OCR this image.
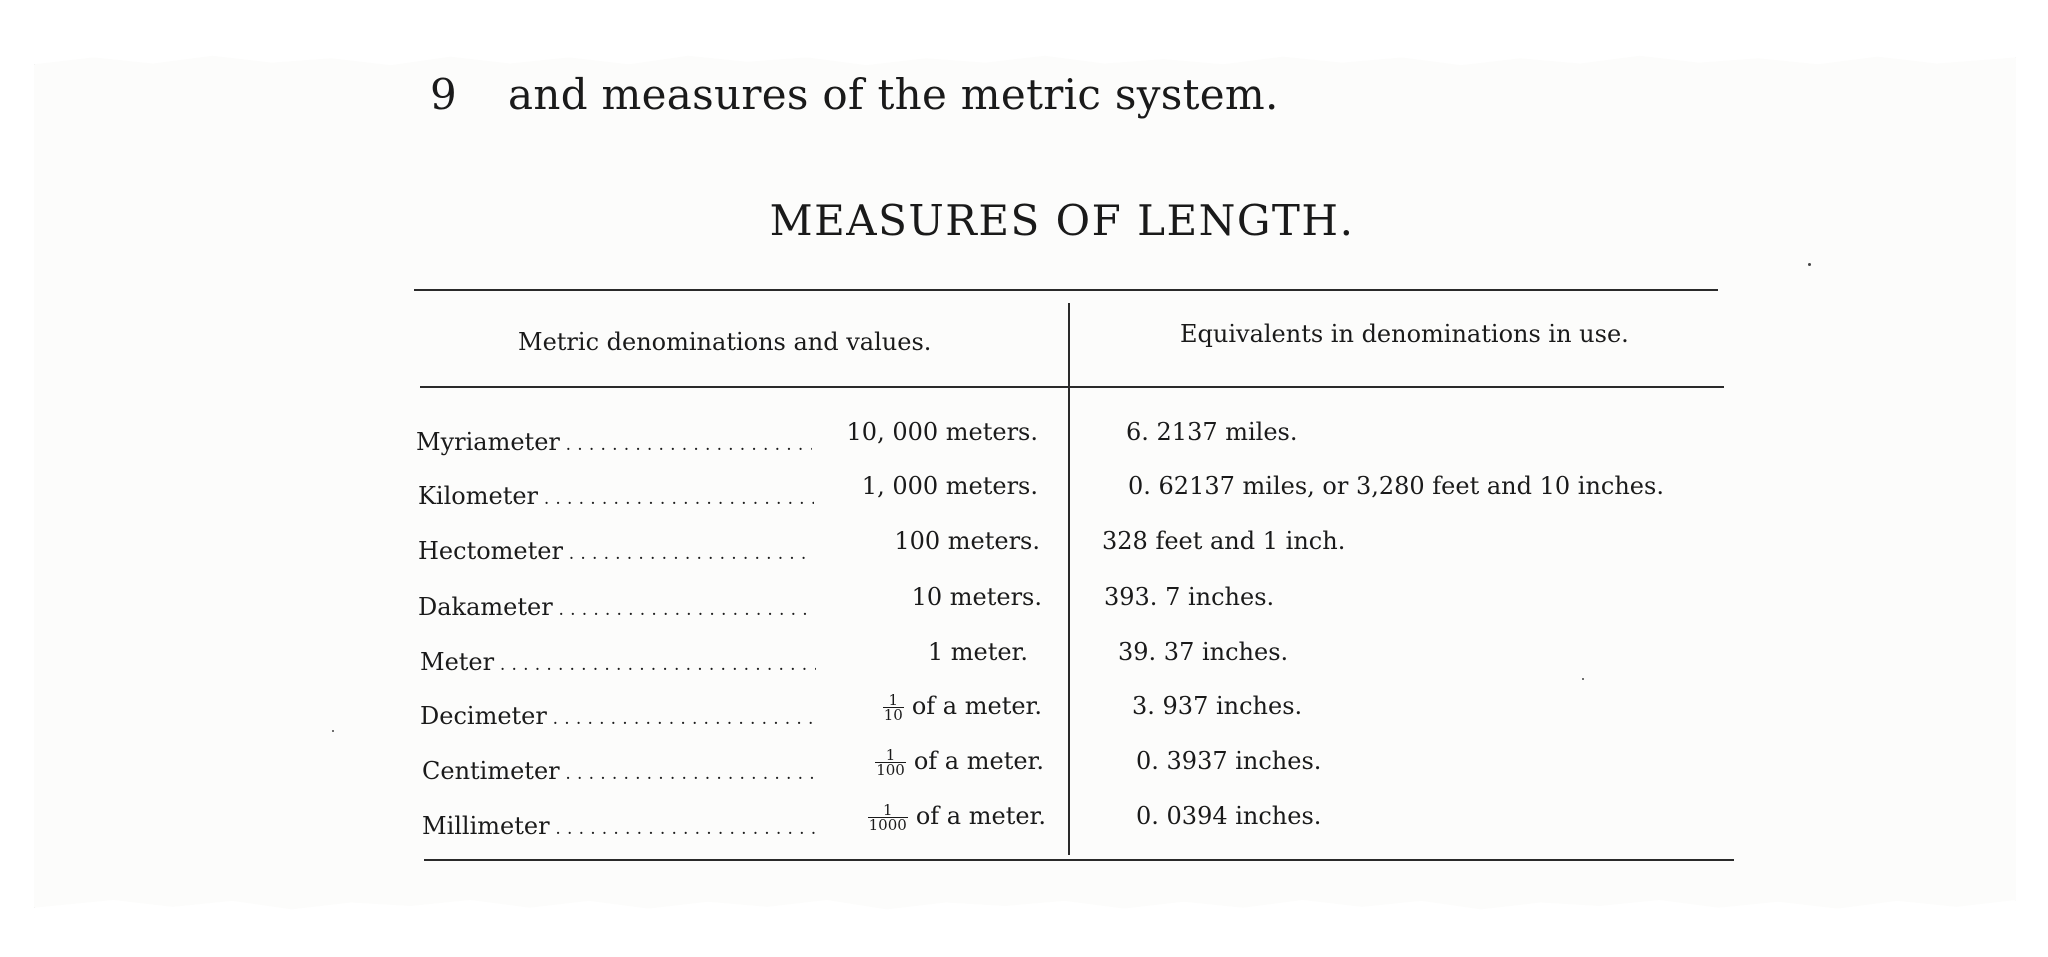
9 and measures of the metric system.
MEASURES OF LENGTH.
Metric denominations and values.	Equivalents in denominations in use.
Myriameter . . .	10, 000 meters.	6. 2137 miles.
Kilometer . . .	1, 000 meters.	0. 62137 miles, or 3,280 feet and 10 inches.
Hectometer . . .	100 meters.	328 feet and 1 inch.
Dakameter . . .	10 meters.	393. 7 inches.
Meter . . .	1 meter.	39. 37 inches.
Decimeter . . .	$\frac{1}{10}$ of a meter.	3. 937 inches.
Centimeter . . .	$\frac{1}{100}$ of a meter.	0. 3937 inches.
Millimeter . . .	$\frac{1}{1000}$ of a meter.	0. 0394 inches.
